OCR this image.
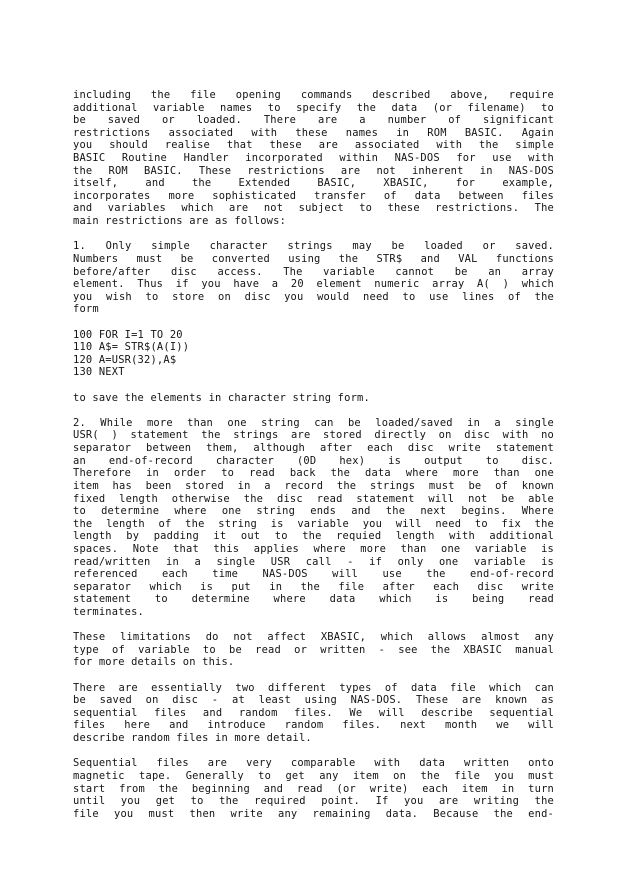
including the file opening commands described above, require
additional variable names to specify the data (or filename) to
be saved or loaded. There are a number of significant
restrictions associated with these names in ROM BASIC. Again
you should realise that these are associated with the simple
BASIC Routine Handler incorporated within NAS-DOS for use with
the ROM BASIC. These restrictions are not inherent in NAS-DOS
itself, and the Extended BASIC, XBASIC, for example,
incorporates more sophisticated transfer of data between files
and variables which are not subject to these restrictions. The
main restrictions are as follows:
1. Only simple character strings may be loaded or saved.
Numbers must be converted using the STR$ and VAL functions
before/after disc access. The variable cannot be an array
element. Thus if you have a 20 element numeric array A( ) which
you wish to store on disc you would need to use lines of the
form
100 FOR I=1 TO 20
110 A$= STR$(A(I))
120 A=USR(32),A$
130 NEXT
to save the elements in character string form.
2. While more than one string can be loaded/saved in a single
USR( ) statement the strings are stored directly on disc with no
separator between them, although after each disc write statement
an end-of-record character (0D hex) is output to disc.
Therefore in order to read back the data where more than one
item has been stored in a record the strings must be of known
fixed length otherwise the disc read statement will not be able
to determine where one string ends and the next begins. Where
the length of the string is variable you will need to fix the
length by padding it out to the requied length with additional
spaces. Note that this applies where more than one variable is
read/written in a single USR call - if only one variable is
referenced each time NAS-DOS will use the end-of-record
separator which is put in the file after each disc write
statement to determine where data which is being read
terminates.
These limitations do not affect XBASIC, which allows almost any
type of variable to be read or written - see the XBASIC manual
for more details on this.
There are essentially two different types of data file which can
be saved on disc - at least using NAS-DOS. These are known as
sequential files and random files. We will describe sequential
files here and introduce random files. next month we will
describe random files in more detail.
Sequential files are very comparable with data written onto
magnetic tape. Generally to get any item on the file you must
start from the beginning and read (or write) each item in turn
until you get to the required point. If you are writing the
file you must then write any remaining data. Because the end-
